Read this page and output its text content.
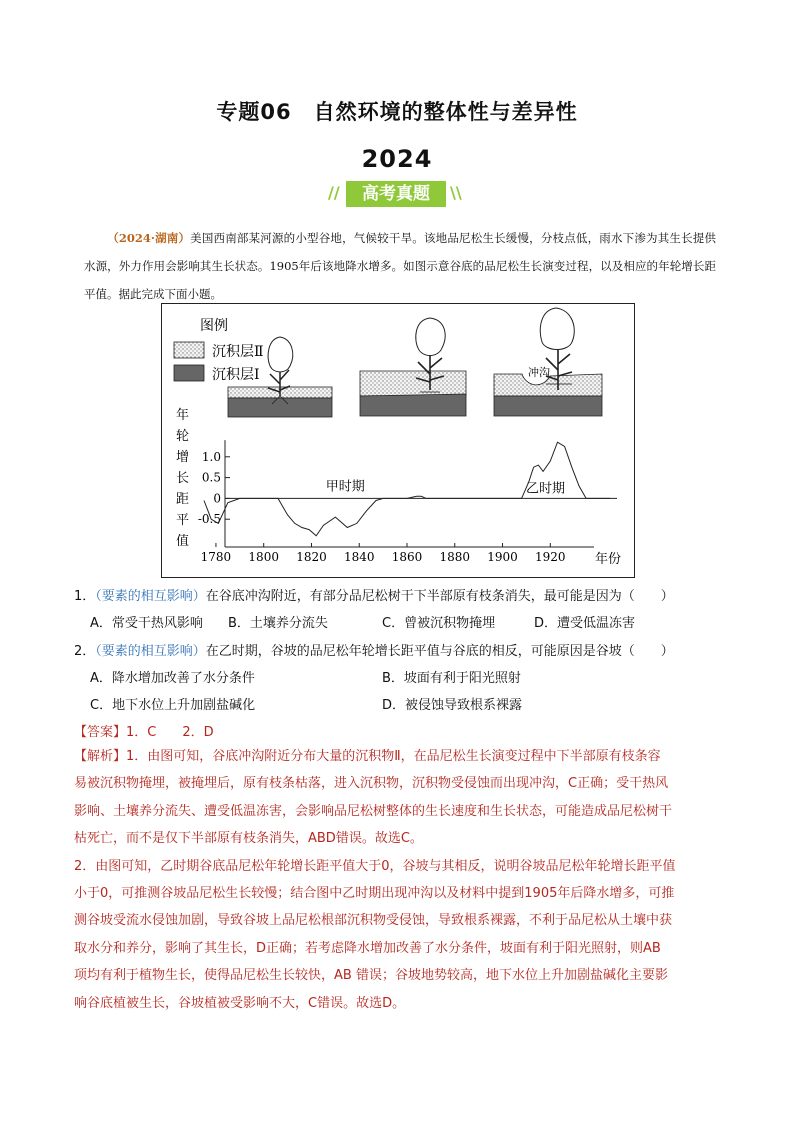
专题06　自然环境的整体性与差异性
2024
//	高考真题	\\
（2024·湖南）美国西南部某河源的小型谷地，气候较干旱。该地品尼松生长缓慢，分枝点低，雨水下渗为其生长提供水源，外力作用会影响其生长状态。1905年后该地降水增多。如图示意谷底的品尼松生长演变过程，以及相应的年轮增长距平值。据此完成下面小题。
图例
沉积层Ⅱ
沉积层Ⅰ	冲沟
年
轮
增
长
距
平
值
1.0
0.5
0
-0.5
1780 1800 1820 1840 1860 1880 1900 1920 年份
甲时期	乙时期
1．（要素的相互影响）在谷底冲沟附近，有部分品尼松树干下半部原有枝条消失，最可能是因为（　　）
A．常受干热风影响 B．土壤养分流失	C．曾被沉积物掩埋	D．遭受低温冻害
2．（要素的相互影响）在乙时期，谷坡的品尼松年轮增长距平值与谷底的相反，可能原因是谷坡（　　）
A．降水增加改善了水分条件	B．坡面有利于阳光照射
C．地下水位上升加剧盐碱化	D．被侵蚀导致根系裸露
【答案】1．C　　2．D
【解析】1．由图可知，谷底冲沟附近分布大量的沉积物Ⅱ，在品尼松生长演变过程中下半部原有枝条容
易被沉积物掩埋，被掩埋后，原有枝条枯落，进入沉积物，沉积物受侵蚀而出现冲沟，C正确；受干热风
影响、土壤养分流失、遭受低温冻害，会影响品尼松树整体的生长速度和生长状态，可能造成品尼松树干
枯死亡，而不是仅下半部原有枝条消失，ABD错误。故选C。
2．由图可知，乙时期谷底品尼松年轮增长距平值大于0，谷坡与其相反，说明谷坡品尼松年轮增长距平值
小于0，可推测谷坡品尼松生长较慢；结合图中乙时期出现冲沟以及材料中提到1905年后降水增多，可推
测谷坡受流水侵蚀加剧，导致谷坡上品尼松根部沉积物受侵蚀，导致根系裸露，不利于品尼松从土壤中获
取水分和养分，影响了其生长，D正确；若考虑降水增加改善了水分条件，坡面有利于阳光照射，则AB
项均有利于植物生长，使得品尼松生长较快，AB 错误；谷坡地势较高，地下水位上升加剧盐碱化主要影
响谷底植被生长，谷坡植被受影响不大，C错误。故选D。
